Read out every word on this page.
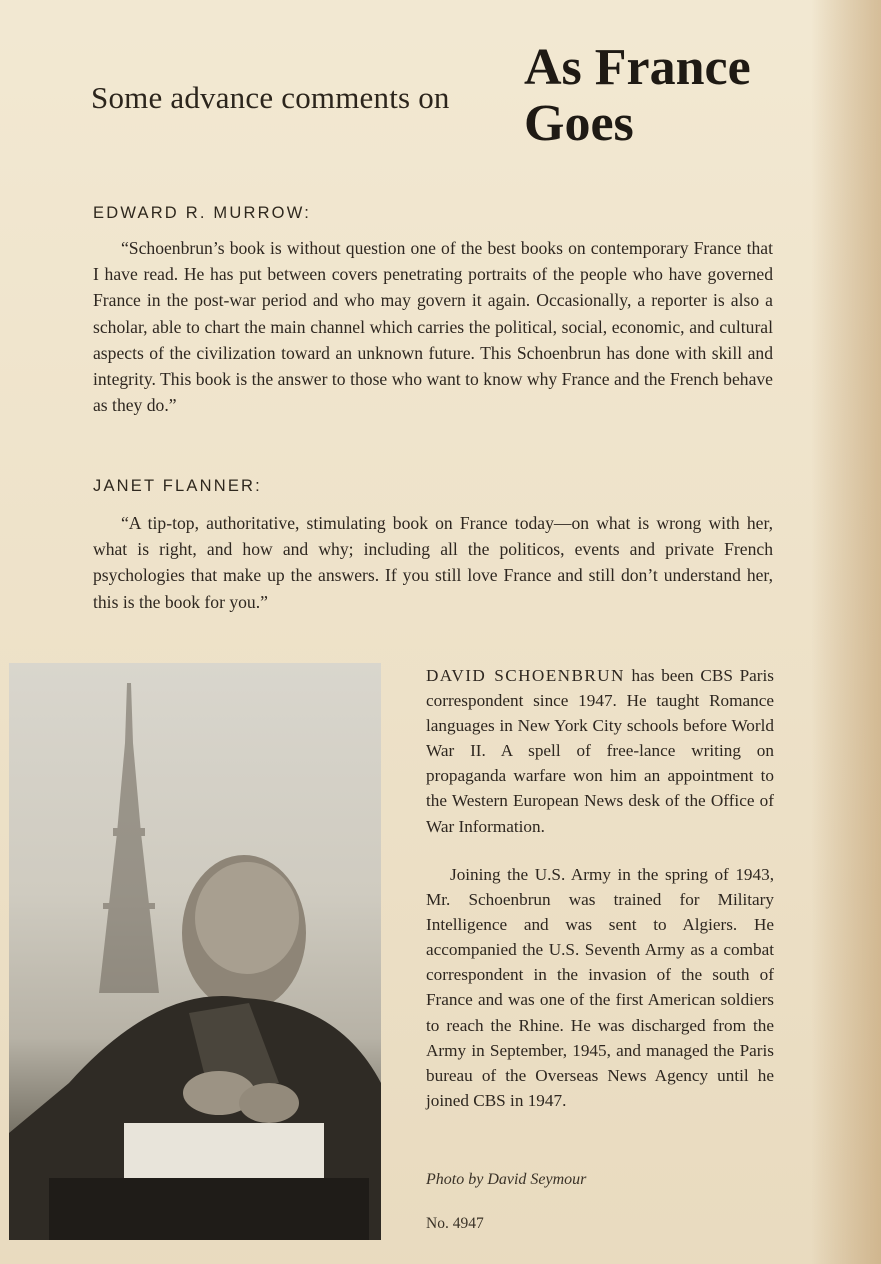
Some advance comments on
As France
Goes

EDWARD R. MURROW:

“Schoenbrun’s book is without question one of the best books on contemporary France that I have read. He has put between covers penetrating portraits of the people who have governed France in the post-war period and who may govern it again. Occasionally, a reporter is also a scholar, able to chart the main channel which carries the political, social, economic, and cultural aspects of the civilization toward an unknown future. This Schoenbrun has done with skill and integrity. This book is the answer to those who want to know why France and the French behave as they do.”

JANET FLANNER:

“A tip-top, authoritative, stimulating book on France today—on what is wrong with her, what is right, and how and why; including all the politicos, events and private French psychologies that make up the answers. If you still love France and still don’t understand her, this is the book for you.”

DAVID SCHOENBRUN has been CBS Paris correspondent since 1947. He taught Romance languages in New York City schools before World War II. A spell of free-lance writing on propaganda warfare won him an appointment to the Western European News desk of the Office of War Information.

Joining the U.S. Army in the spring of 1943, Mr. Schoenbrun was trained for Military Intelligence and was sent to Algiers. He accompanied the U.S. Seventh Army as a combat correspondent in the invasion of the south of France and was one of the first American soldiers to reach the Rhine. He was discharged from the Army in September, 1945, and managed the Paris bureau of the Overseas News Agency until he joined CBS in 1947.

Photo by David Seymour

No. 4947
